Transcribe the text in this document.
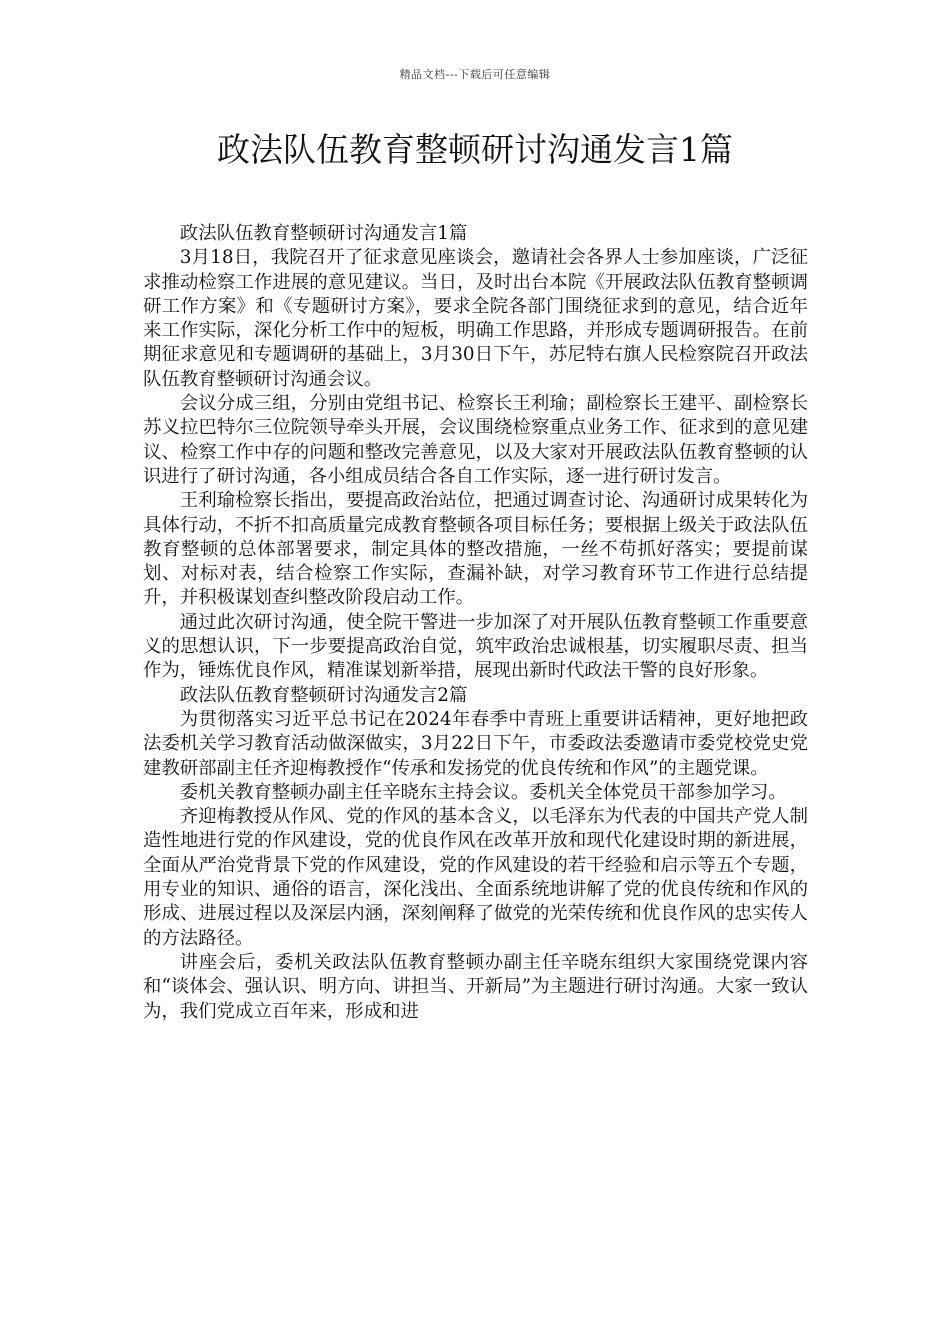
精品文档---下载后可任意编辑
政法队伍教育整顿研讨沟通发言1篇

政法队伍教育整顿研讨沟通发言1篇

3月18日，我院召开了征求意见座谈会，邀请社会各界人士参加座谈，广泛征求推动检察工作进展的意见建议。当日，及时出台本院《开展政法队伍教育整顿调研工作方案》和《专题研讨方案》，要求全院各部门围绕征求到的意见，结合近年来工作实际，深化分析工作中的短板，明确工作思路，并形成专题调研报告。在前期征求意见和专题调研的基础上，3月30日下午，苏尼特右旗人民检察院召开政法队伍教育整顿研讨沟通会议。

会议分成三组，分别由党组书记、检察长王利瑜；副检察长王建平、副检察长苏义拉巴特尔三位院领导牵头开展，会议围绕检察重点业务工作、征求到的意见建议、检察工作中存的问题和整改完善意见，以及大家对开展政法队伍教育整顿的认识进行了研讨沟通，各小组成员结合各自工作实际，逐一进行研讨发言。

王利瑜检察长指出，要提高政治站位，把通过调查讨论、沟通研讨成果转化为具体行动，不折不扣高质量完成教育整顿各项目标任务；要根据上级关于政法队伍教育整顿的总体部署要求，制定具体的整改措施，一丝不苟抓好落实；要提前谋划、对标对表，结合检察工作实际，查漏补缺，对学习教育环节工作进行总结提升，并积极谋划查纠整改阶段启动工作。

通过此次研讨沟通，使全院干警进一步加深了对开展队伍教育整顿工作重要意义的思想认识，下一步要提高政治自觉，筑牢政治忠诚根基，切实履职尽责、担当作为，锤炼优良作风，精准谋划新举措，展现出新时代政法干警的良好形象。

政法队伍教育整顿研讨沟通发言2篇

为贯彻落实习近平总书记在2024年春季中青班上重要讲话精神，更好地把政法委机关学习教育活动做深做实，3月22日下午，市委政法委邀请市委党校党史党建教研部副主任齐迎梅教授作“传承和发扬党的优良传统和作风”的主题党课。

委机关教育整顿办副主任辛晓东主持会议。委机关全体党员干部参加学习。

齐迎梅教授从作风、党的作风的基本含义，以毛泽东为代表的中国共产党人制造性地进行党的作风建设，党的优良作风在改革开放和现代化建设时期的新进展，全面从严治党背景下党的作风建设，党的作风建设的若干经验和启示等五个专题，用专业的知识、通俗的语言，深化浅出、全面系统地讲解了党的优良传统和作风的形成、进展过程以及深层内涵，深刻阐释了做党的光荣传统和优良作风的忠实传人的方法路径。

讲座会后，委机关政法队伍教育整顿办副主任辛晓东组织大家围绕党课内容和“谈体会、强认识、明方向、讲担当、开新局”为主题进行研讨沟通。大家一致认为，我们党成立百年来，形成和进
